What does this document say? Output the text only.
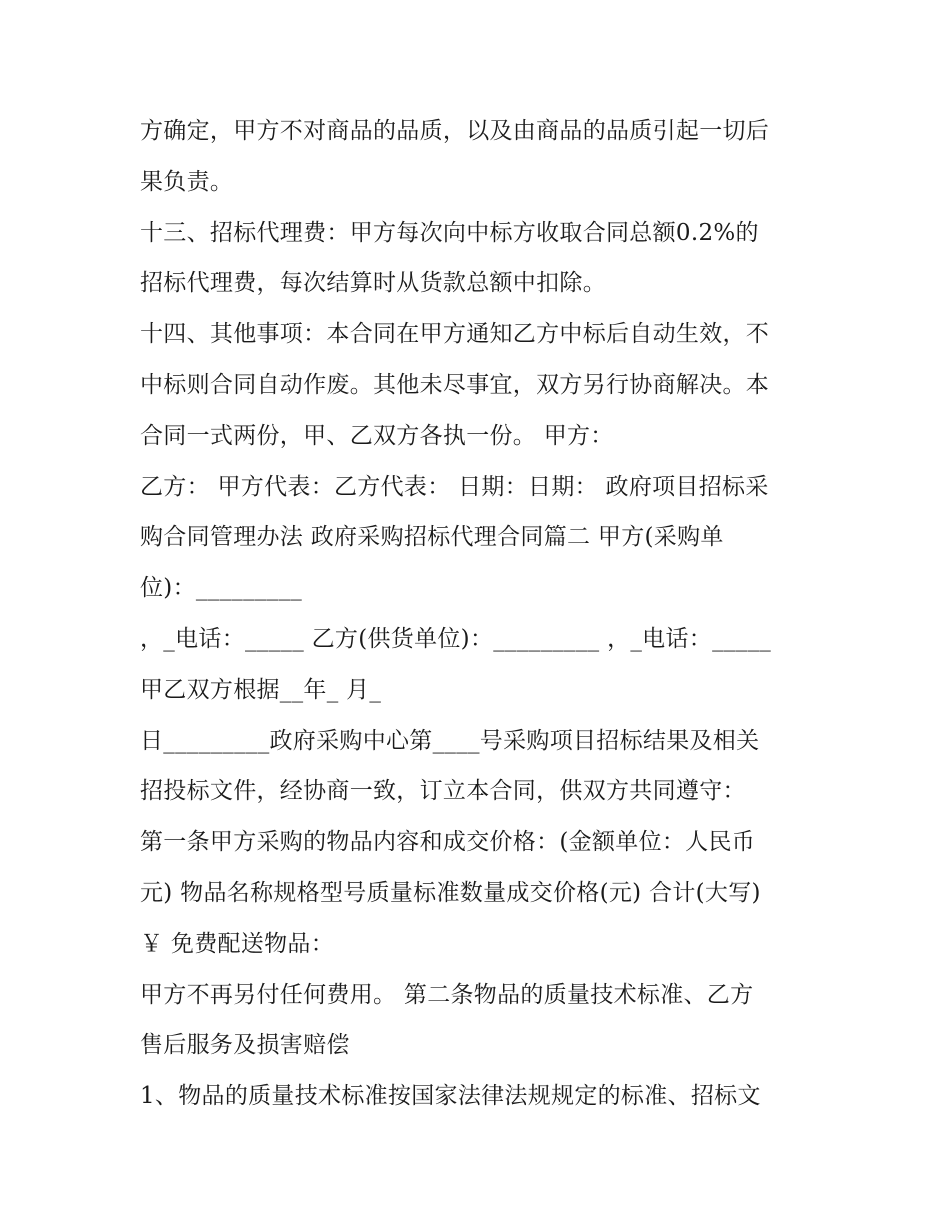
方确定，甲方不对商品的品质，以及由商品的品质引起一切后
果负责。
十三、招标代理费：甲方每次向中标方收取合同总额0.2%的
招标代理费，每次结算时从货款总额中扣除。
十四、其他事项：本合同在甲方通知乙方中标后自动生效，不
中标则合同自动作废。其他未尽事宜，双方另行协商解决。本
合同一式两份，甲、乙双方各执一份。 甲方：
乙方： 甲方代表：乙方代表： 日期：日期： 政府项目招标采
购合同管理办法 政府采购招标代理合同篇二 甲方(采购单
位)：_________
，_电话：_____ 乙方(供货单位)：_________ ，_电话：_____
甲乙双方根据__年_ 月_
日_________政府采购中心第____号采购项目招标结果及相关
招投标文件，经协商一致，订立本合同，供双方共同遵守：
第一条甲方采购的物品内容和成交价格：(金额单位：人民币
元) 物品名称规格型号质量标准数量成交价格(元) 合计(大写)
￥ 免费配送物品：
甲方不再另付任何费用。 第二条物品的质量技术标准、乙方
售后服务及损害赔偿
1、物品的质量技术标准按国家法律法规规定的标准、招标文
